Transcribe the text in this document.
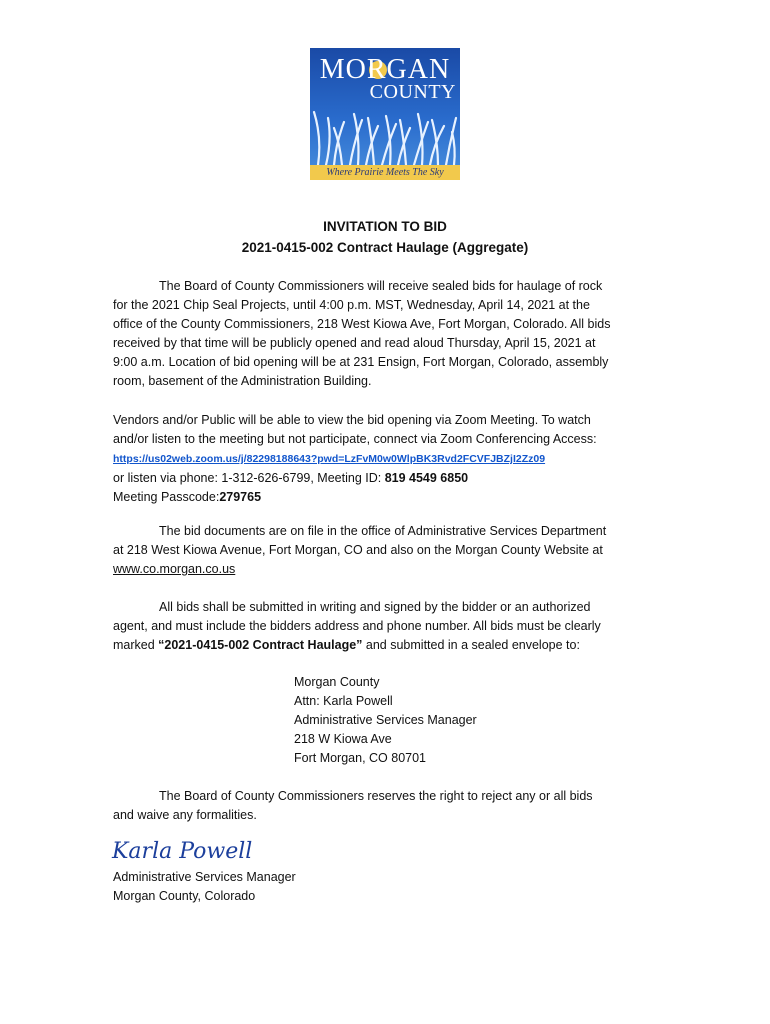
MORGAN
COUNTY
Where Prairie Meets The Sky
INVITATION TO BID
2021-0415-002 Contract Haulage (Aggregate)
The Board of County Commissioners will receive sealed bids for haulage of rock
for the 2021 Chip Seal Projects, until 4:00 p.m. MST, Wednesday, April 14, 2021 at the
office of the County Commissioners, 218 West Kiowa Ave, Fort Morgan, Colorado. All bids
received by that time will be publicly opened and read aloud Thursday, April 15, 2021 at
9:00 a.m. Location of bid opening will be at 231 Ensign, Fort Morgan, Colorado, assembly
room, basement of the Administration Building.
Vendors and/or Public will be able to view the bid opening via Zoom Meeting. To watch
and/or listen to the meeting but not participate, connect via Zoom Conferencing Access:
https://us02web.zoom.us/j/82298188643?pwd=LzFvM0w0WlpBK3Rvd2FCVFJBZjI2Zz09
or listen via phone: 1-312-626-6799, Meeting ID: 819 4549 6850
Meeting Passcode:279765
The bid documents are on file in the office of Administrative Services Department
at 218 West Kiowa Avenue, Fort Morgan, CO and also on the Morgan County Website at
www.co.morgan.co.us
All bids shall be submitted in writing and signed by the bidder or an authorized
agent, and must include the bidders address and phone number. All bids must be clearly
marked “2021-0415-002 Contract Haulage” and submitted in a sealed envelope to:
Morgan County
Attn: Karla Powell
Administrative Services Manager
218 W Kiowa Ave
Fort Morgan, CO 80701
The Board of County Commissioners reserves the right to reject any or all bids
and waive any formalities.
Karla Powell
Administrative Services Manager
Morgan County, Colorado
